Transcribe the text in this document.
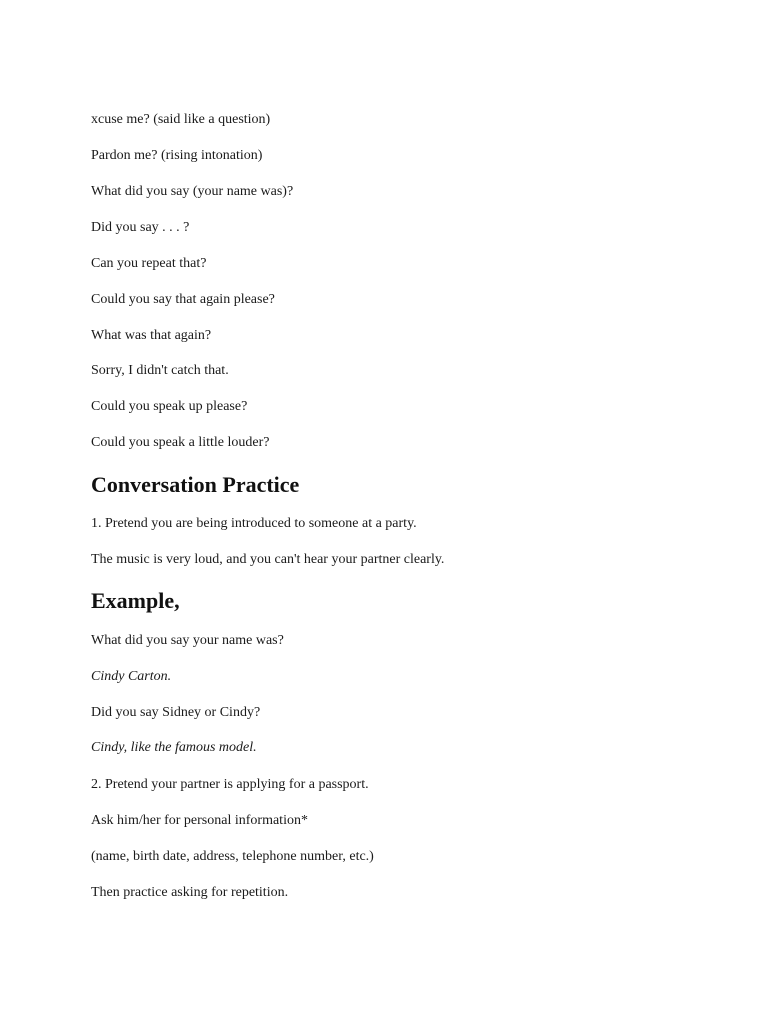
xcuse me? (said like a question)
Pardon me? (rising intonation)
What did you say (your name was)?
Did you say . . . ?
Can you repeat that?
Could you say that again please?
What was that again?
Sorry, I didn't catch that.
Could you speak up please?
Could you speak a little louder?
Conversation Practice
1. Pretend you are being introduced to someone at a party.
The music is very loud, and you can't hear your partner clearly.
Example,
What did you say your name was?
Cindy Carton.
Did you say Sidney or Cindy?
Cindy, like the famous model.
2. Pretend your partner is applying for a passport.
Ask him/her for personal information*
(name, birth date, address, telephone number, etc.)
Then practice asking for repetition.
